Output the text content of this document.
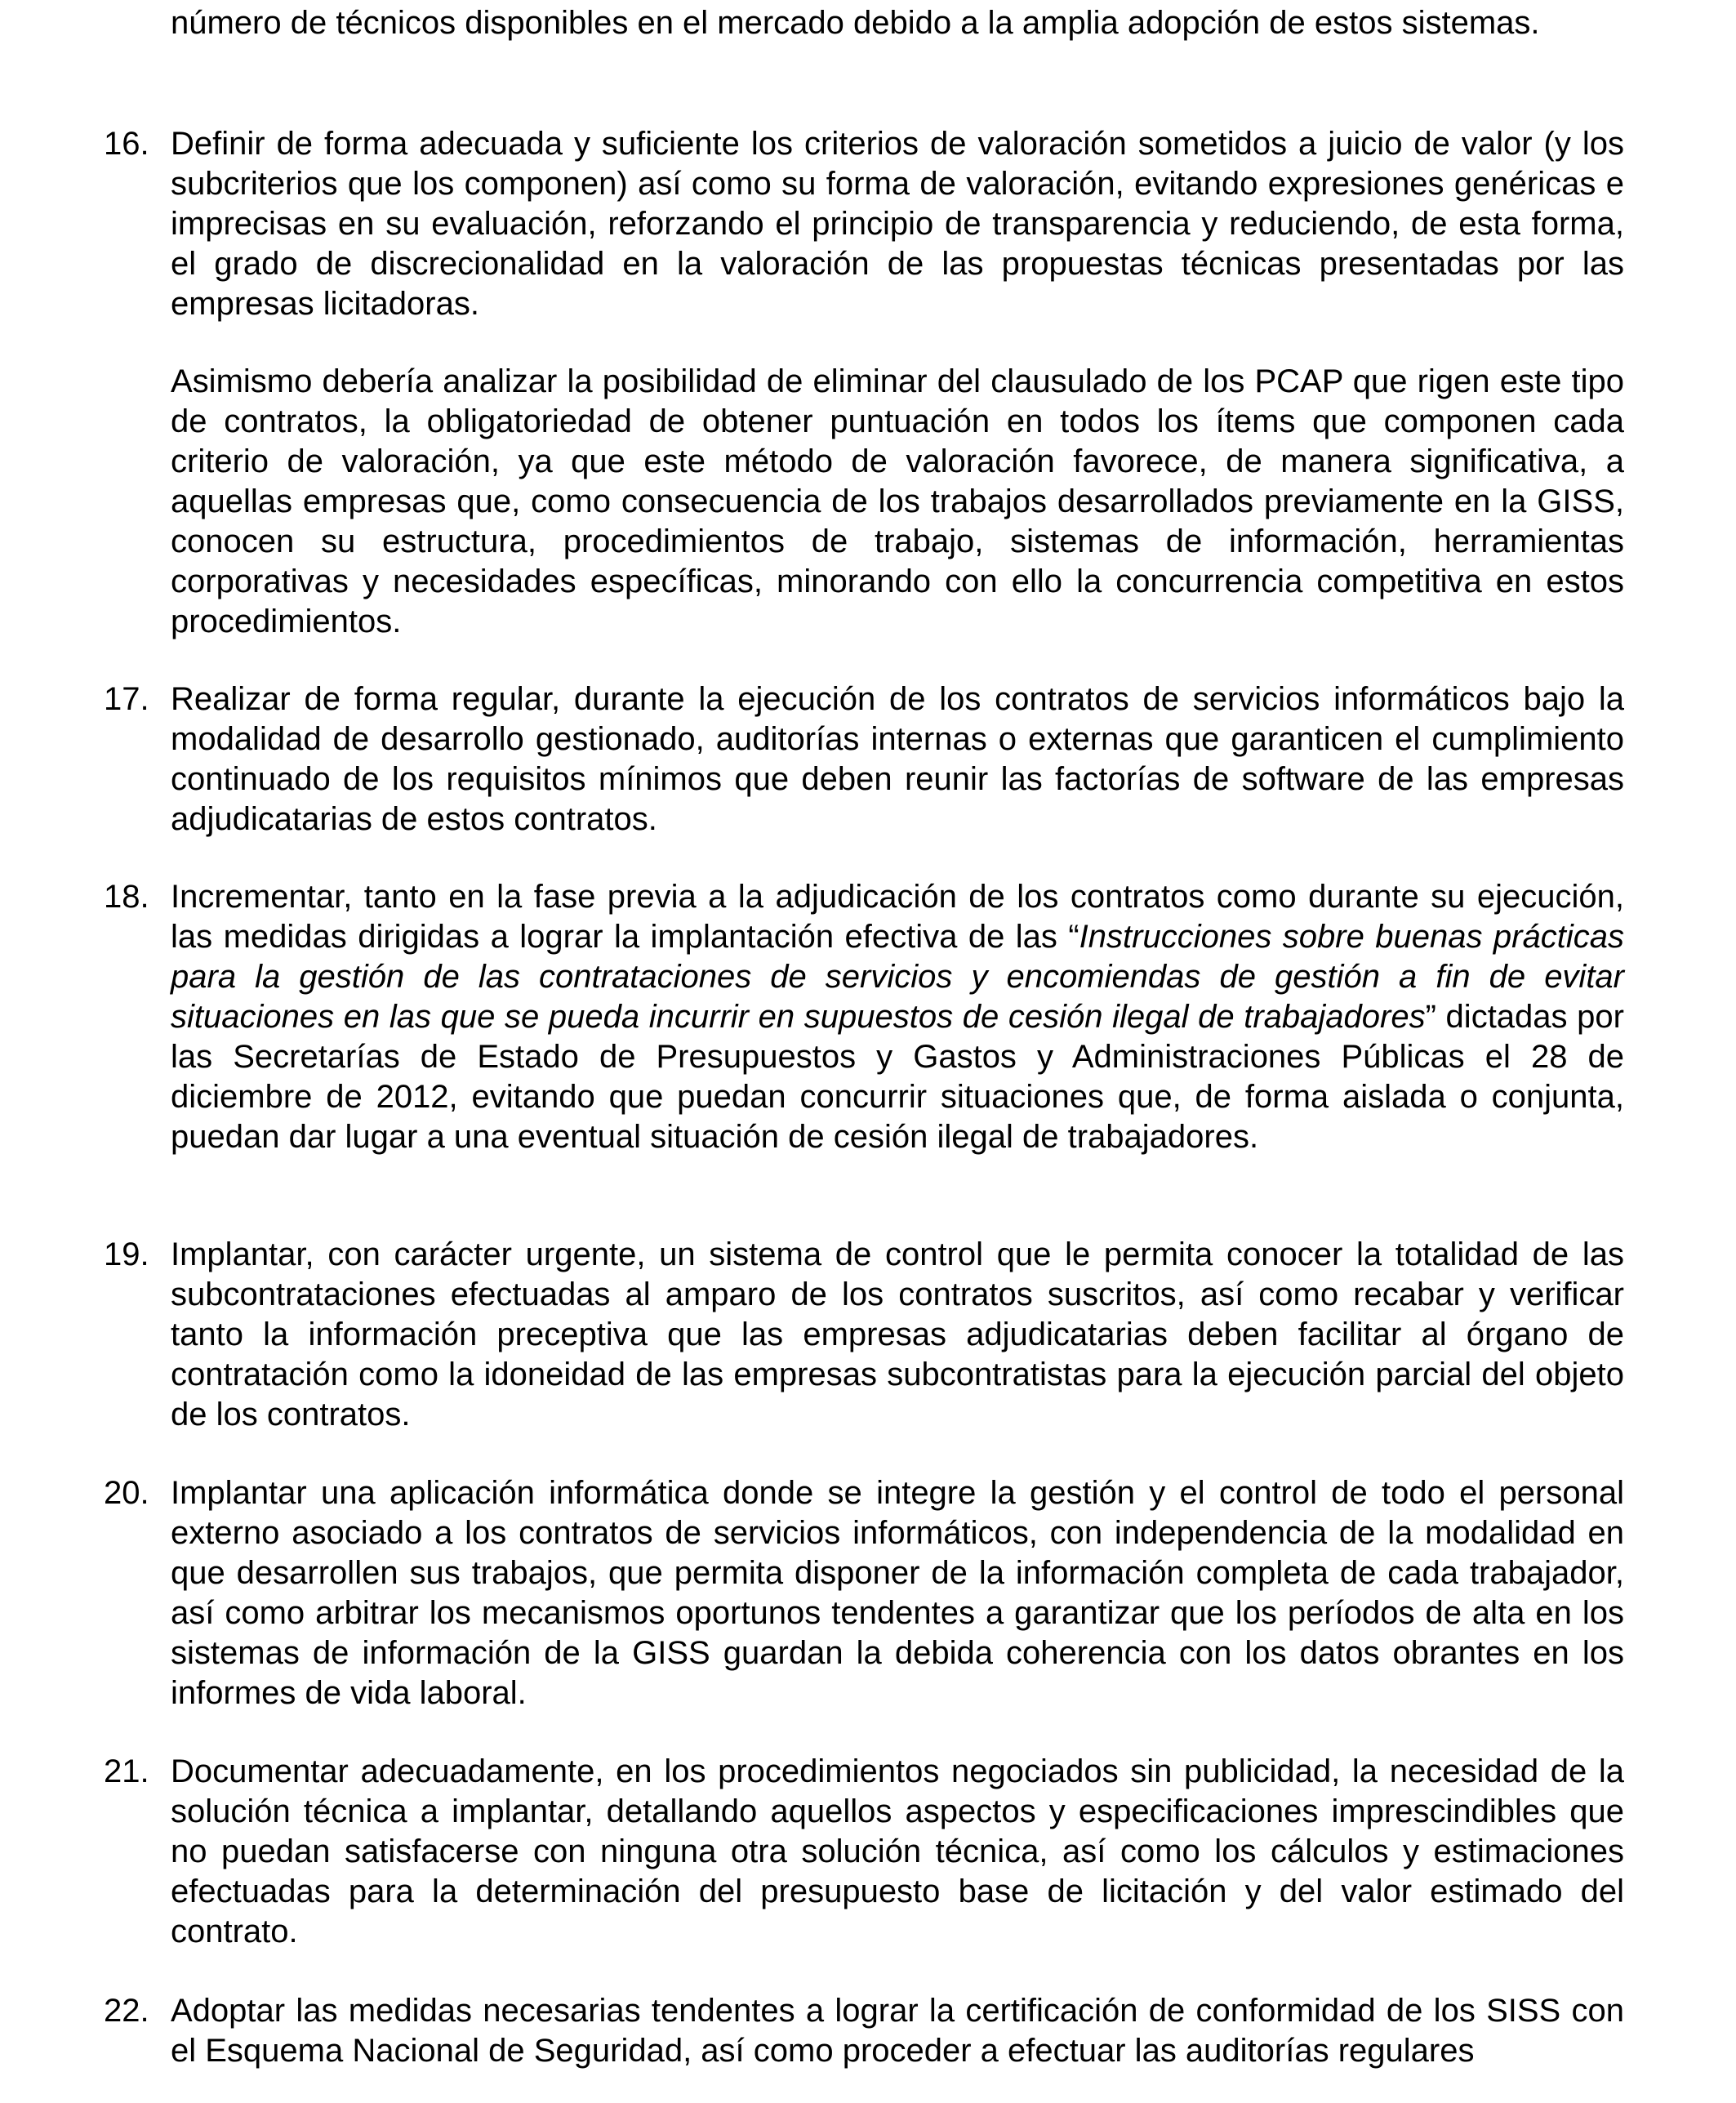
número de técnicos disponibles en el mercado debido a la amplia adopción de estos sistemas.

16. Definir de forma adecuada y suficiente los criterios de valoración sometidos a juicio de valor (y los subcriterios que los componen) así como su forma de valoración, evitando expresiones genéricas e imprecisas en su evaluación, reforzando el principio de transparencia y reduciendo, de esta forma, el grado de discrecionalidad en la valoración de las propuestas técnicas presentadas por las empresas licitadoras.

Asimismo debería analizar la posibilidad de eliminar del clausulado de los PCAP que rigen este tipo de contratos, la obligatoriedad de obtener puntuación en todos los ítems que componen cada criterio de valoración, ya que este método de valoración favorece, de manera significativa, a aquellas empresas que, como consecuencia de los trabajos desarrollados previamente en la GISS, conocen su estructura, procedimientos de trabajo, sistemas de información, herramientas corporativas y necesidades específicas, minorando con ello la concurrencia competitiva en estos procedimientos.

17. Realizar de forma regular, durante la ejecución de los contratos de servicios informáticos bajo la modalidad de desarrollo gestionado, auditorías internas o externas que garanticen el cumplimiento continuado de los requisitos mínimos que deben reunir las factorías de software de las empresas adjudicatarias de estos contratos.

18. Incrementar, tanto en la fase previa a la adjudicación de los contratos como durante su ejecución, las medidas dirigidas a lograr la implantación efectiva de las “Instrucciones sobre buenas prácticas para la gestión de las contrataciones de servicios y encomiendas de gestión a fin de evitar situaciones en las que se pueda incurrir en supuestos de cesión ilegal de trabajadores” dictadas por las Secretarías de Estado de Presupuestos y Gastos y Administraciones Públicas el 28 de diciembre de 2012, evitando que puedan concurrir situaciones que, de forma aislada o conjunta, puedan dar lugar a una eventual situación de cesión ilegal de trabajadores.

19. Implantar, con carácter urgente, un sistema de control que le permita conocer la totalidad de las subcontrataciones efectuadas al amparo de los contratos suscritos, así como recabar y verificar tanto la información preceptiva que las empresas adjudicatarias deben facilitar al órgano de contratación como la idoneidad de las empresas subcontratistas para la ejecución parcial del objeto de los contratos.

20. Implantar una aplicación informática donde se integre la gestión y el control de todo el personal externo asociado a los contratos de servicios informáticos, con independencia de la modalidad en que desarrollen sus trabajos, que permita disponer de la información completa de cada trabajador, así como arbitrar los mecanismos oportunos tendentes a garantizar que los períodos de alta en los sistemas de información de la GISS guardan la debida coherencia con los datos obrantes en los informes de vida laboral.

21. Documentar adecuadamente, en los procedimientos negociados sin publicidad, la necesidad de la solución técnica a implantar, detallando aquellos aspectos y especificaciones imprescindibles que no puedan satisfacerse con ninguna otra solución técnica, así como los cálculos y estimaciones efectuadas para la determinación del presupuesto base de licitación y del valor estimado del contrato.

22. Adoptar las medidas necesarias tendentes a lograr la certificación de conformidad de los SISS con el Esquema Nacional de Seguridad, así como proceder a efectuar las auditorías regulares
